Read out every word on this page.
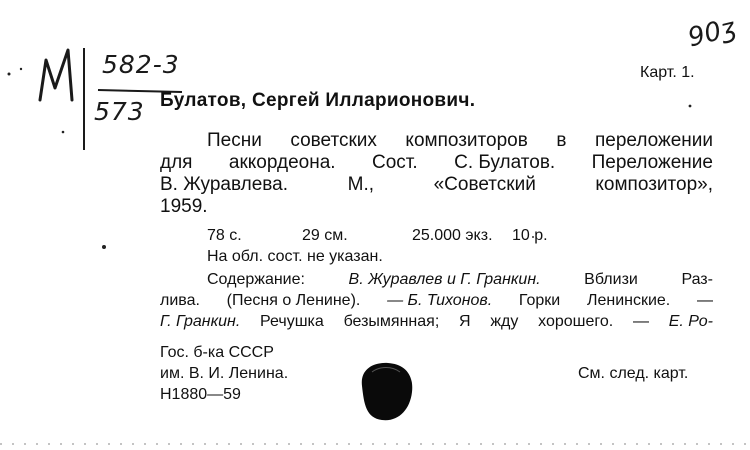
90ʒ
582-3
573
Карт. 1.
Булатов, Сергей Илларионович.
Песни советских композиторов в переложении
для аккордеона. Сост. С. Булатов. Переложение
В. Журавлева.	М.,	«Советский	композитор»,
1959.
78 с.	29 см.	25.000 экз. 10 р.
На обл. сост. не указан.
Содержание:	В. Журавлев и Г. Гранкин.	Вблизи	Раз-
лива. (Песня о Ленине). — Б. Тихонов. Горки Ленинские. —
Г. Гранкин. Речушка безымянная; Я жду хорошего. — Е. Ро-
Гос. б-ка СССР
им. В. И. Ленина.
Н1880—59
См. след. карт.
